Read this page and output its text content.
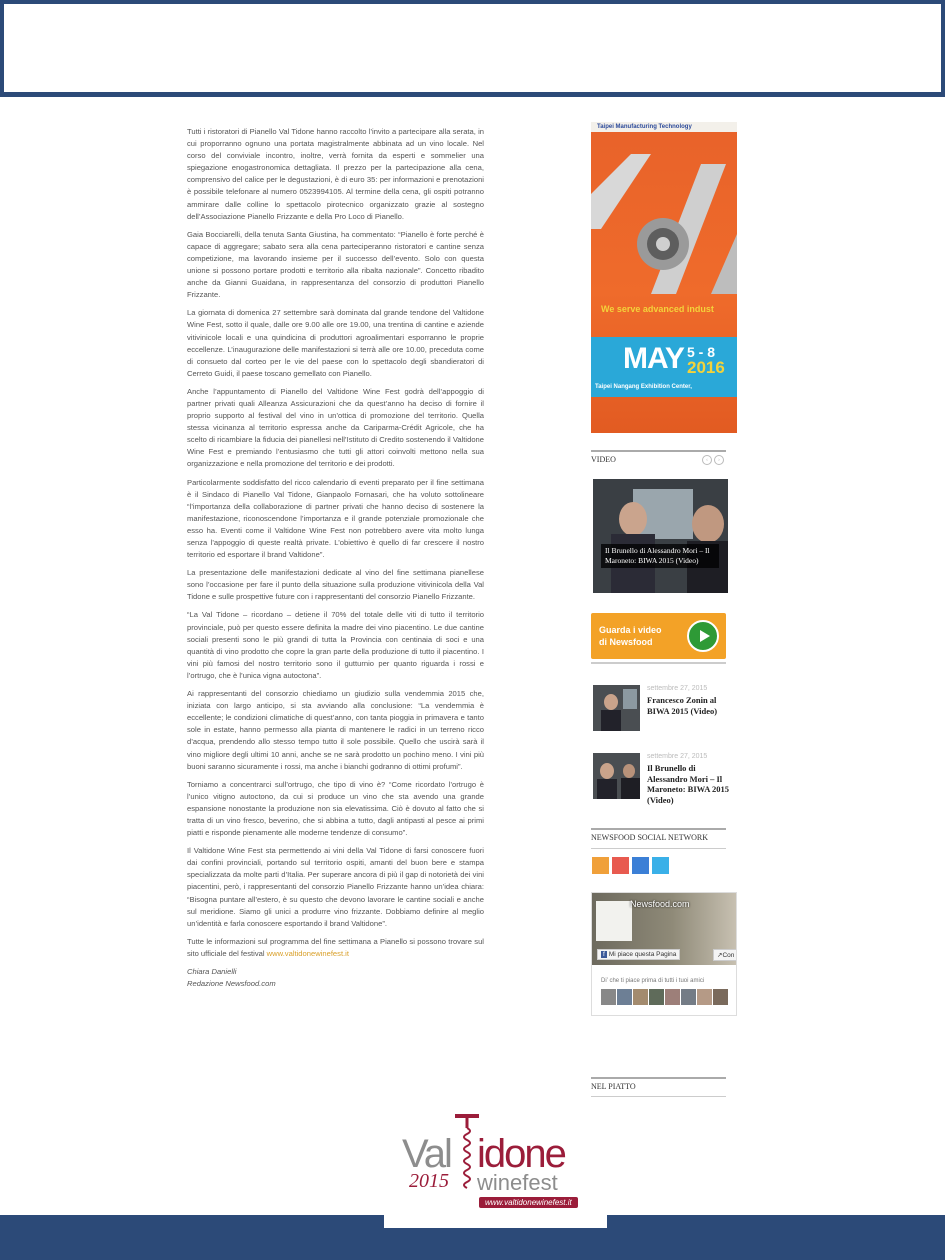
Tutti i ristoratori di Pianello Val Tidone hanno raccolto l’invito a partecipare alla serata, in cui proporranno ognuno una portata magistralmente abbinata ad un vino locale. Nel corso del conviviale incontro, inoltre, verrà fornita da esperti e sommelier una spiegazione enogastronomica dettagliata. Il prezzo per la partecipazione alla cena, comprensivo del calice per le degustazioni, è di euro 35: per informazioni e prenotazioni è possibile telefonare al numero 0523994105. Al termine della cena, gli ospiti potranno ammirare dalle colline lo spettacolo pirotecnico organizzato grazie al sostegno dell’Associazione Pianello Frizzante e della Pro Loco di Pianello.

Gaia Bocciarelli, della tenuta Santa Giustina, ha commentato: “Pianello è forte perché è capace di aggregare; sabato sera alla cena parteciperanno ristoratori e cantine senza competizione, ma lavorando insieme per il successo dell’evento. Solo con questa unione si possono portare prodotti e territorio alla ribalta nazionale”. Concetto ribadito anche da Gianni Guaidana, in rappresentanza del consorzio di produttori Pianello Frizzante.

La giornata di domenica 27 settembre sarà dominata dal grande tendone del Valtidone Wine Fest, sotto il quale, dalle ore 9.00 alle ore 19.00, una trentina di cantine e aziende vitivinicole locali e una quindicina di produttori agroalimentari esporranno le proprie eccellenze. L’inaugurazione delle manifestazioni si terrà alle ore 10.00, preceduta come di consueto dal corteo per le vie del paese con lo spettacolo degli sbandieratori di Cerreto Guidi, il paese toscano gemellato con Pianello.

Anche l’appuntamento di Pianello del Valtidone Wine Fest godrà dell’appoggio di partner privati quali Alleanza Assicurazioni che da quest’anno ha deciso di fornire il proprio supporto al festival del vino in un’ottica di promozione del territorio. Quella stessa vicinanza al territorio espressa anche da Cariparma-Crédit Agricole, che ha scelto di ricambiare la fiducia dei pianellesi nell’Istituto di Credito sostenendo il Valtidone Wine Fest e premiando l’entusiasmo che tutti gli attori coinvolti mettono nella sua organizzazione e nella promozione del territorio e dei prodotti.

Particolarmente soddisfatto del ricco calendario di eventi preparato per il fine settimana è il Sindaco di Pianello Val Tidone, Gianpaolo Fornasari, che ha voluto sottolineare “l’importanza della collaborazione di partner privati che hanno deciso di sostenere la manifestazione, riconoscendone l’importanza e il grande potenziale promozionale che esso ha. Eventi come il Valtidone Wine Fest non potrebbero avere vita molto lunga senza l’appoggio di queste realtà private. L’obiettivo è quello di far crescere il nostro territorio ed esportare il brand Valtidone”.

La presentazione delle manifestazioni dedicate al vino del fine settimana pianellese sono l’occasione per fare il punto della situazione sulla produzione vitivinicola della Val Tidone e sulle prospettive future con i rappresentanti del consorzio Pianello Frizzante.

“La Val Tidone – ricordano – detiene il 70% del totale delle viti di tutto il territorio provinciale, può per questo essere definita la madre dei vino piacentino. Le due cantine sociali presenti sono le più grandi di tutta la Provincia con centinaia di soci e una quantità di vino prodotto che copre la gran parte della produzione di tutto il piacentino. I vini più famosi del nostro territorio sono il gutturnio per quanto riguarda i rossi e l’ortrugo, che è l’unica vigna autoctona”.

Ai rappresentanti del consorzio chiediamo un giudizio sulla vendemmia 2015 che, iniziata con largo anticipo, si sta avviando alla conclusione: “La vendemmia è eccellente; le condizioni climatiche di quest’anno, con tanta pioggia in primavera e tanto sole in estate, hanno permesso alla pianta di mantenere le radici in un terreno ricco d’acqua, prendendo allo stesso tempo tutto il sole possibile. Quello che uscirà sarà il vino migliore degli ultimi 10 anni, anche se ne sarà prodotto un pochino meno. I vini più buoni saranno sicuramente i rossi, ma anche i bianchi godranno di ottimi profumi”.

Torniamo a concentrarci sull’ortrugo, che tipo di vino è? “Come ricordato l’ortrugo è l’unico vitigno autoctono, da cui si produce un vino che sta avendo una grande espansione nonostante la produzione non sia elevatissima. Ciò è dovuto al fatto che si tratta di un vino fresco, beverino, che si abbina a tutto, dagli antipasti al pesce ai primi piatti e risponde pienamente alle moderne tendenze di consumo”.

Il Valtidone Wine Fest sta permettendo ai vini della Val Tidone di farsi conoscere fuori dai confini provinciali, portando sul territorio ospiti, amanti del buon bere e stampa specializzata da molte parti d’Italia. Per superare ancora di più il gap di notorietà dei vini piacentini, però, i rappresentanti del consorzio Pianello Frizzante hanno un’idea chiara: “Bisogna puntare all’estero, è su questo che devono lavorare le cantine sociali e anche sul meridione. Siamo gli unici a produrre vino frizzante. Dobbiamo definire al meglio un’identità e farla conoscere esportando il brand Valtidone”.

Tutte le informazioni sul programma del fine settimana a Pianello si possono trovare sul sito ufficiale del festival www.valtidonewinefest.it

Chiara Danielli

Redazione Newsfood.com

Taipei Manufacturing Technology
We serve advanced indust
MAY 5 - 8
2016
Taipei Nangang Exhibition Center,
VIDEO	‹	›
Il Brunello di Alessandro Mori – Il Maroneto: BIWA 2015 (Video)
Guarda i video
di Newsfood
settembre 27, 2015
Francesco Zonin al BIWA 2015 (Video)
settembre 27, 2015
Il Brunello di Alessandro Mori – Il Maroneto: BIWA 2015 (Video)
NEWSFOOD SOCIAL NETWORK
Newsfood.com
f Mi piace questa Pagina	↗Con
Di’ che ti piace prima di tutti i tuoi amici
NEL PIATTO
Val idone
2015 winefest
www.valtidonewinefest.it
